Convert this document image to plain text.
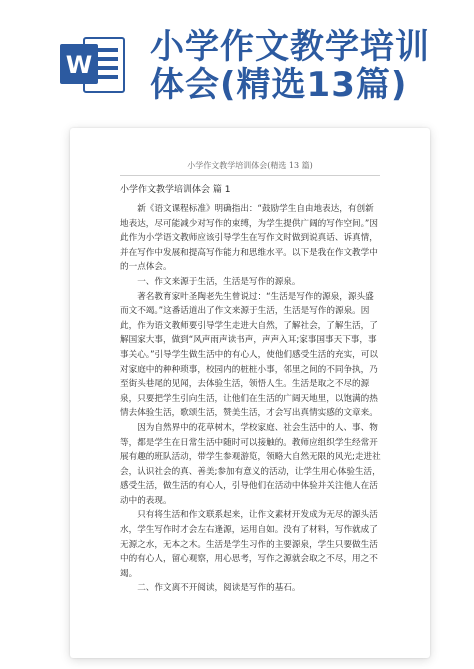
W 小学作文教学培训
体会(精选13篇)
小学作文教学培训体会(精选 13 篇)
小学作文教学培训体会 篇 1

新《语文课程标准》明确指出：“鼓励学生自由地表达，有创新地表达，尽可能减少对写作的束缚，为学生提供广阔的写作空间。”因此作为小学语文教师应该引导学生在写作文时做到说真话、诉真情，并在写作中发展和提高写作能力和思维水平。以下是我在作文教学中的一点体会。

一、作文来源于生活，生活是写作的源泉。

著名教育家叶圣陶老先生曾说过：“生活是写作的源泉，源头盛而文不竭。”这番话道出了作文来源于生活，生活是写作的源泉。因此，作为语文教师要引导学生走进大自然，了解社会，了解生活，了解国家大事，做到“风声雨声读书声，声声入耳;家事国事天下事，事事关心。”引导学生做生活中的有心人，使他们感受生活的充实，可以对家庭中的种种琐事，校园内的桩桩小事，邻里之间的不同争执，乃至街头巷尾的见闻，去体验生活，领悟人生。生活是取之不尽的源泉，只要把学生引向生活，让他们在生活的广阔天地里，以饱满的热情去体验生活，歌颂生活，赞美生活，才会写出真情实感的文章来。

因为自然界中的花草树木，学校家庭、社会生活中的人、事、物等，都是学生在日常生活中随时可以接触的。教师应组织学生经常开展有趣的班队活动，带学生参观游览，领略大自然无限的风光;走进社会，认识社会的真、善美;参加有意义的活动，让学生用心体验生活，感受生活，做生活的有心人，引导他们在活动中体验并关注他人在活动中的表现。

只有将生活和作文联系起来，让作文素材开发成为无尽的源头活水，学生写作时才会左右逢源，运用自如。没有了材料，写作就成了无源之水，无本之木。生活是学生习作的主要源泉，学生只要做生活中的有心人，留心观察，用心思考，写作之源就会取之不尽，用之不竭。

二、作文离不开阅读，阅读是写作的基石。
